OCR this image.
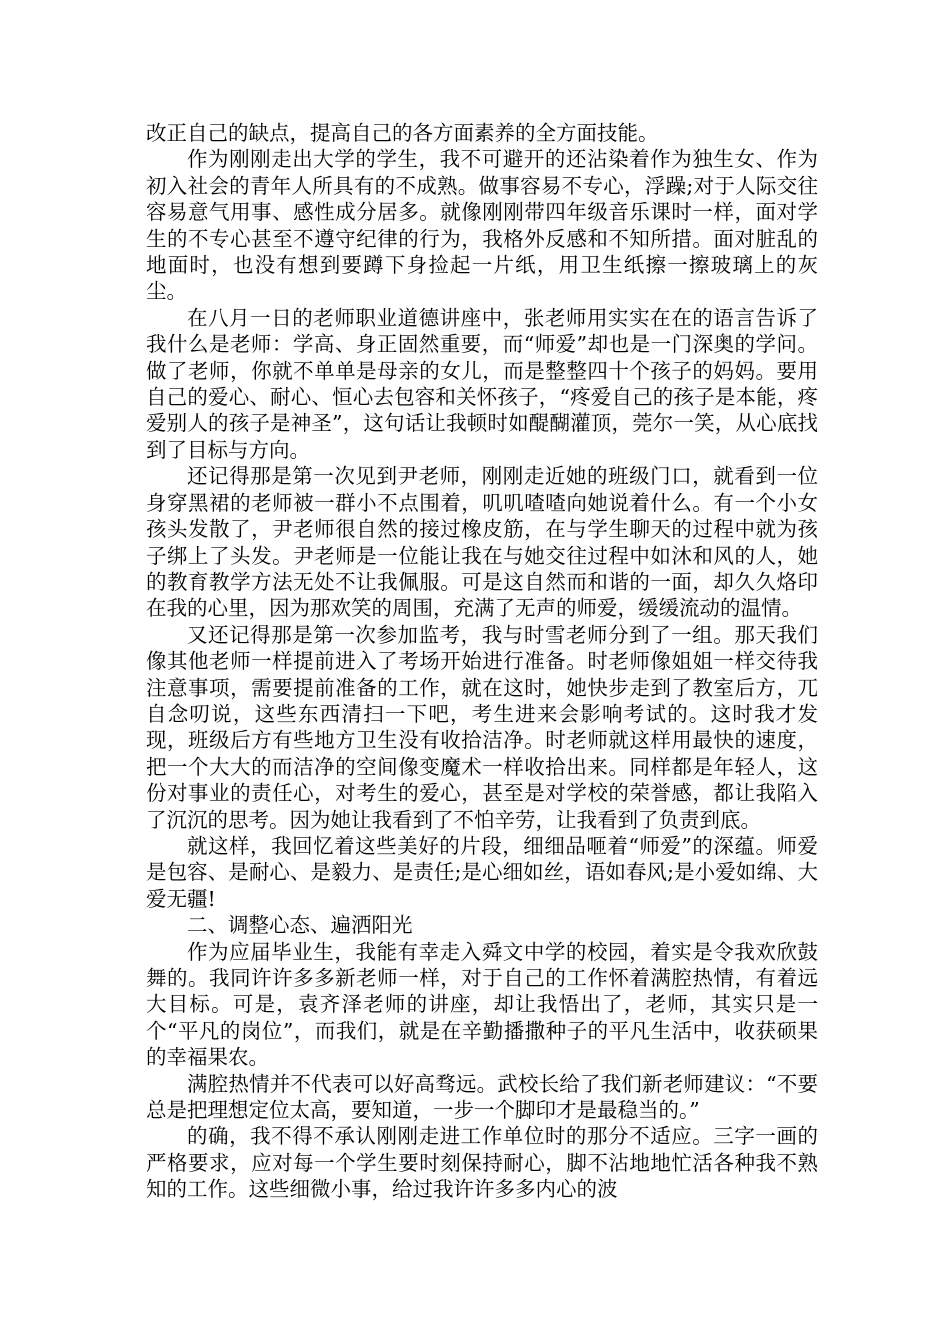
改正自己的缺点，提高自己的各方面素养的全方面技能。

作为刚刚走出大学的学生，我不可避开的还沾染着作为独生女、作为初入社会的青年人所具有的不成熟。做事容易不专心，浮躁;对于人际交往容易意气用事、感性成分居多。就像刚刚带四年级音乐课时一样，面对学生的不专心甚至不遵守纪律的行为，我格外反感和不知所措。面对脏乱的地面时，也没有想到要蹲下身捡起一片纸，用卫生纸擦一擦玻璃上的灰尘。

在八月一日的老师职业道德讲座中，张老师用实实在在的语言告诉了我什么是老师：学高、身正固然重要，而“师爱”却也是一门深奥的学问。做了老师，你就不单单是母亲的女儿，而是整整四十个孩子的妈妈。要用自己的爱心、耐心、恒心去包容和关怀孩子，“疼爱自己的孩子是本能，疼爱别人的孩子是神圣”，这句话让我顿时如醍醐灌顶，莞尔一笑，从心底找到了目标与方向。

还记得那是第一次见到尹老师，刚刚走近她的班级门口，就看到一位身穿黑裙的老师被一群小不点围着，叽叽喳喳向她说着什么。有一个小女孩头发散了，尹老师很自然的接过橡皮筋，在与学生聊天的过程中就为孩子绑上了头发。尹老师是一位能让我在与她交往过程中如沐和风的人，她的教育教学方法无处不让我佩服。可是这自然而和谐的一面，却久久烙印在我的心里，因为那欢笑的周围，充满了无声的师爱，缓缓流动的温情。

又还记得那是第一次参加监考，我与时雪老师分到了一组。那天我们像其他老师一样提前进入了考场开始进行准备。时老师像姐姐一样交待我注意事项，需要提前准备的工作，就在这时，她快步走到了教室后方，兀自念叨说，这些东西清扫一下吧，考生进来会影响考试的。这时我才发现，班级后方有些地方卫生没有收拾洁净。时老师就这样用最快的速度，把一个大大的而洁净的空间像变魔术一样收拾出来。同样都是年轻人，这份对事业的责任心，对考生的爱心，甚至是对学校的荣誉感，都让我陷入了沉沉的思考。因为她让我看到了不怕辛劳，让我看到了负责到底。

就这样，我回忆着这些美好的片段，细细品咂着“师爱”的深蕴。师爱是包容、是耐心、是毅力、是责任;是心细如丝，语如春风;是小爱如绵、大爱无疆!

二、调整心态、遍洒阳光

作为应届毕业生，我能有幸走入舜文中学的校园，着实是令我欢欣鼓舞的。我同许许多多新老师一样，对于自己的工作怀着满腔热情，有着远大目标。可是，袁齐泽老师的讲座，却让我悟出了，老师，其实只是一个“平凡的岗位”，而我们，就是在辛勤播撒种子的平凡生活中，收获硕果的幸福果农。

满腔热情并不代表可以好高骛远。武校长给了我们新老师建议：“不要总是把理想定位太高，要知道，一步一个脚印才是最稳当的。”

的确，我不得不承认刚刚走进工作单位时的那分不适应。三字一画的严格要求，应对每一个学生要时刻保持耐心，脚不沾地地忙活各种我不熟知的工作。这些细微小事，给过我许许多多内心的波
